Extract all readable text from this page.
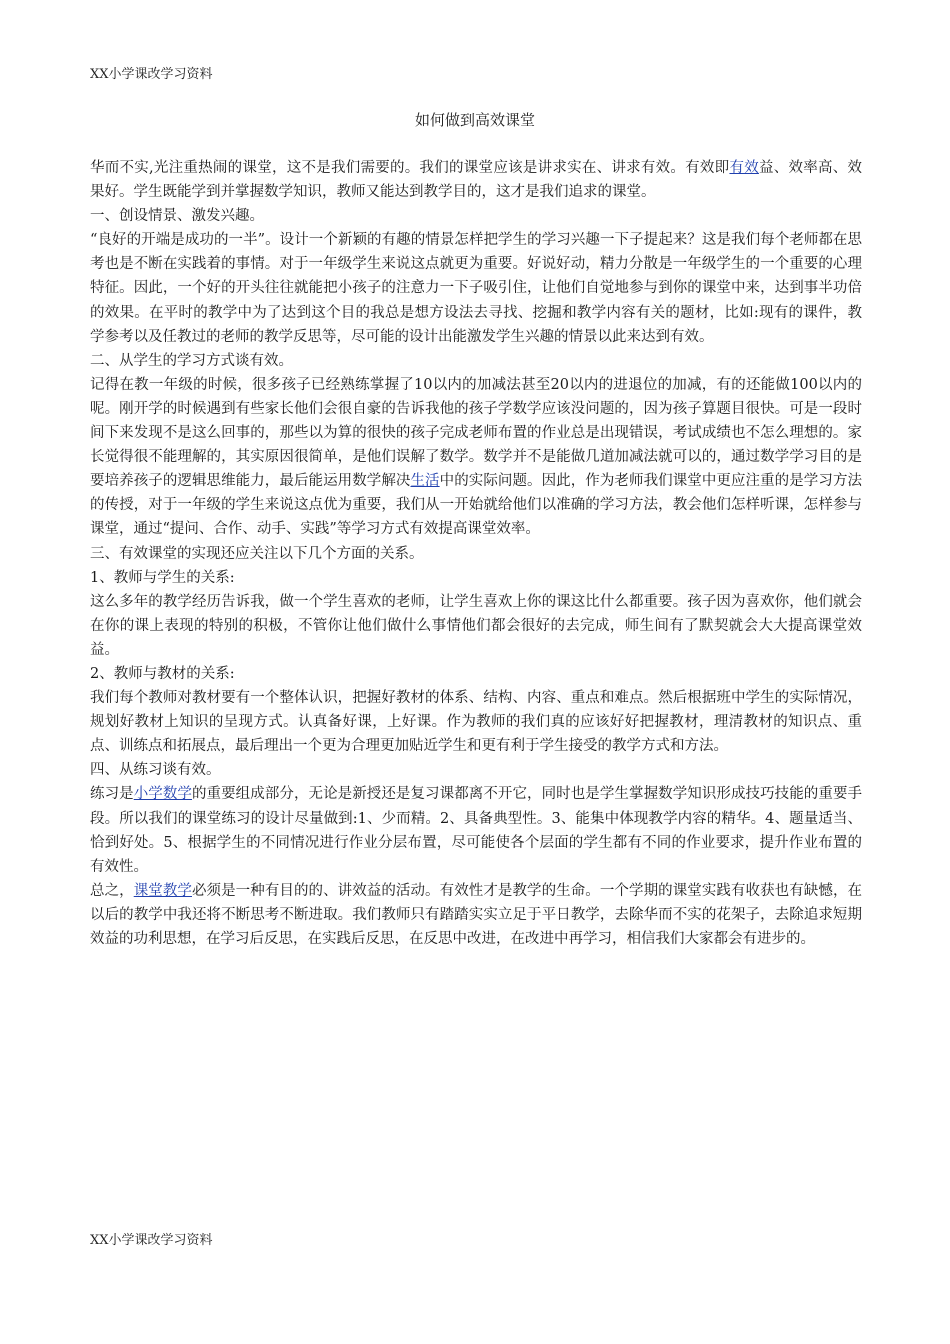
XX小学课改学习资料
如何做到高效课堂

华而不实,光注重热闹的课堂，这不是我们需要的。我们的课堂应该是讲求实在、讲求有效。有效即有效益、效率高、效果好。学生既能学到并掌握数学知识，教师又能达到教学目的，这才是我们追求的课堂。

一、创设情景、激发兴趣。

“良好的开端是成功的一半”。设计一个新颖的有趣的情景怎样把学生的学习兴趣一下子提起来？这是我们每个老师都在思考也是不断在实践着的事情。对于一年级学生来说这点就更为重要。好说好动，精力分散是一年级学生的一个重要的心理特征。因此，一个好的开头往往就能把小孩子的注意力一下子吸引住，让他们自觉地参与到你的课堂中来，达到事半功倍的效果。在平时的教学中为了达到这个目的我总是想方设法去寻找、挖掘和教学内容有关的题材，比如:现有的课件，教学参考以及任教过的老师的教学反思等，尽可能的设计出能激发学生兴趣的情景以此来达到有效。

二、从学生的学习方式谈有效。

记得在教一年级的时候，很多孩子已经熟练掌握了10以内的加减法甚至20以内的进退位的加减，有的还能做100以内的呢。刚开学的时候遇到有些家长他们会很自豪的告诉我他的孩子学数学应该没问题的，因为孩子算题目很快。可是一段时间下来发现不是这么回事的，那些以为算的很快的孩子完成老师布置的作业总是出现错误，考试成绩也不怎么理想的。家长觉得很不能理解的，其实原因很简单，是他们误解了数学。数学并不是能做几道加减法就可以的，通过数学学习目的是要培养孩子的逻辑思维能力，最后能运用数学解决生活中的实际问题。因此，作为老师我们课堂中更应注重的是学习方法的传授，对于一年级的学生来说这点优为重要，我们从一开始就给他们以准确的学习方法，教会他们怎样听课，怎样参与课堂，通过“提问、合作、动手、实践”等学习方式有效提高课堂效率。

三、有效课堂的实现还应关注以下几个方面的关系。

1、教师与学生的关系:

这么多年的教学经历告诉我，做一个学生喜欢的老师，让学生喜欢上你的课这比什么都重要。孩子因为喜欢你，他们就会在你的课上表现的特别的积极，不管你让他们做什么事情他们都会很好的去完成，师生间有了默契就会大大提高课堂效益。

2、教师与教材的关系:

我们每个教师对教材要有一个整体认识，把握好教材的体系、结构、内容、重点和难点。然后根据班中学生的实际情况，规划好教材上知识的呈现方式。认真备好课，上好课。作为教师的我们真的应该好好把握教材，理清教材的知识点、重点、训练点和拓展点，最后理出一个更为合理更加贴近学生和更有利于学生接受的教学方式和方法。

四、从练习谈有效。

练习是小学数学的重要组成部分，无论是新授还是复习课都离不开它，同时也是学生掌握数学知识形成技巧技能的重要手段。所以我们的课堂练习的设计尽量做到:1、少而精。2、具备典型性。3、能集中体现教学内容的精华。4、题量适当、恰到好处。5、根据学生的不同情况进行作业分层布置，尽可能使各个层面的学生都有不同的作业要求，提升作业布置的有效性。

总之，课堂教学必须是一种有目的的、讲效益的活动。有效性才是教学的生命。一个学期的课堂实践有收获也有缺憾，在以后的教学中我还将不断思考不断进取。我们教师只有踏踏实实立足于平日教学，去除华而不实的花架子，去除追求短期效益的功利思想，在学习后反思，在实践后反思，在反思中改进，在改进中再学习，相信我们大家都会有进步的。

XX小学课改学习资料
